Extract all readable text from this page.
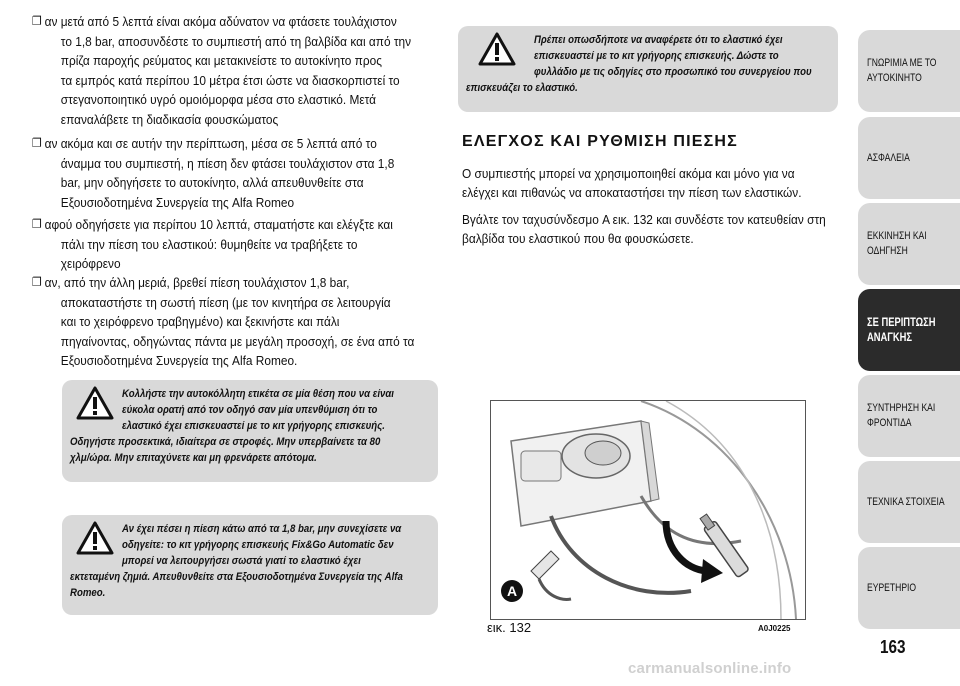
❐ αν μετά από 5 λεπτά είναι ακόμα αδύνατον να φτάσετε τουλάχιστον
το 1,8 bar, αποσυνδέστε το συμπιεστή από τη βαλβίδα και από την
πρίζα παροχής ρεύματος και μετακινείστε το αυτοκίνητο προς
τα εμπρός κατά περίπου 10 μέτρα έτσι ώστε να διασκορπιστεί το
στεγανοποιητικό υγρό ομοιόμορφα μέσα στο ελαστικό. Μετά
επαναλάβετε τη διαδικασία φουσκώματος
❐ αν ακόμα και σε αυτήν την περίπτωση, μέσα σε 5 λεπτά από το
άναμμα του συμπιεστή, η πίεση δεν φτάσει τουλάχιστον στα 1,8
bar, μην οδηγήσετε το αυτοκίνητο, αλλά απευθυνθείτε στα
Εξουσιοδοτημένα Συνεργεία της Alfa Romeo
❐ αφού οδηγήσετε για περίπου 10 λεπτά, σταματήστε και ελέγξτε και
πάλι την πίεση του ελαστικού: θυμηθείτε να τραβήξετε το
χειρόφρενο
❐ αν, από την άλλη μεριά, βρεθεί πίεση τουλάχιστον 1,8 bar,
αποκαταστήστε τη σωστή πίεση (με τον κινητήρα σε λειτουργία
και το χειρόφρενο τραβηγμένο) και ξεκινήστε και πάλι
πηγαίνοντας, οδηγώντας πάντα με μεγάλη προσοχή, σε ένα από τα
Εξουσιοδοτημένα Συνεργεία της Alfa Romeo.
Κολλήστε την αυτοκόλλητη ετικέτα σε μία θέση που να είναι
εύκολα ορατή από τον οδηγό σαν μία υπενθύμιση ότι το
ελαστικό έχει επισκευαστεί με το κιτ γρήγορης επισκευής.
Οδηγήστε προσεκτικά, ιδιαίτερα σε στροφές. Μην υπερβαίνετε τα 80
χλμ/ώρα. Μην επιταχύνετε και μη φρενάρετε απότομα.
Αν έχει πέσει η πίεση κάτω από τα 1,8 bar, μην συνεχίσετε να
οδηγείτε: το κιτ γρήγορης επισκευής Fix&Go Automatic δεν
μπορεί να λειτουργήσει σωστά γιατί το ελαστικό έχει
εκτεταμένη ζημιά. Απευθυνθείτε στα Εξουσιοδοτημένα Συνεργεία της Alfa
Romeo.
Πρέπει οπωσδήποτε να αναφέρετε ότι το ελαστικό έχει
επισκευαστεί με το κιτ γρήγορης επισκευής. Δώστε το
φυλλάδιο με τις οδηγίες στο προσωπικό του συνεργείου που
επισκευάζει το ελαστικό.
ΕΛΕΓΧΟΣ ΚΑΙ ΡΥΘΜΙΣΗ ΠΙΕΣΗΣ
Ο συμπιεστής μπορεί να χρησιμοποιηθεί ακόμα και μόνο για να
ελέγχει και πιθανώς να αποκαταστήσει την πίεση των ελαστικών.
Βγάλτε τον ταχυσύνδεσμο A εικ. 132 και συνδέστε τον κατευθείαν στη
βαλβίδα του ελαστικού που θα φουσκώσετε.
A
εικ. 132	A0J0225
ΓΝΩΡΙΜΙΑ ΜΕ ΤΟ
ΑΥΤΟΚΙΝΗΤΟ
ΑΣΦΑΛΕΙΑ
ΕΚΚΙΝΗΣΗ ΚΑΙ
ΟΔΗΓΗΣΗ
ΣΕ ΠΕΡΙΠΤΩΣΗ
ΑΝΑΓΚΗΣ
ΣΥΝΤΗΡΗΣΗ ΚΑΙ
ΦΡΟΝΤΙΔΑ
ΤΕΧΝΙΚΑ ΣΤΟΙΧΕΙΑ
ΕΥΡΕΤΗΡΙΟ
163
carmanualsonline.info
